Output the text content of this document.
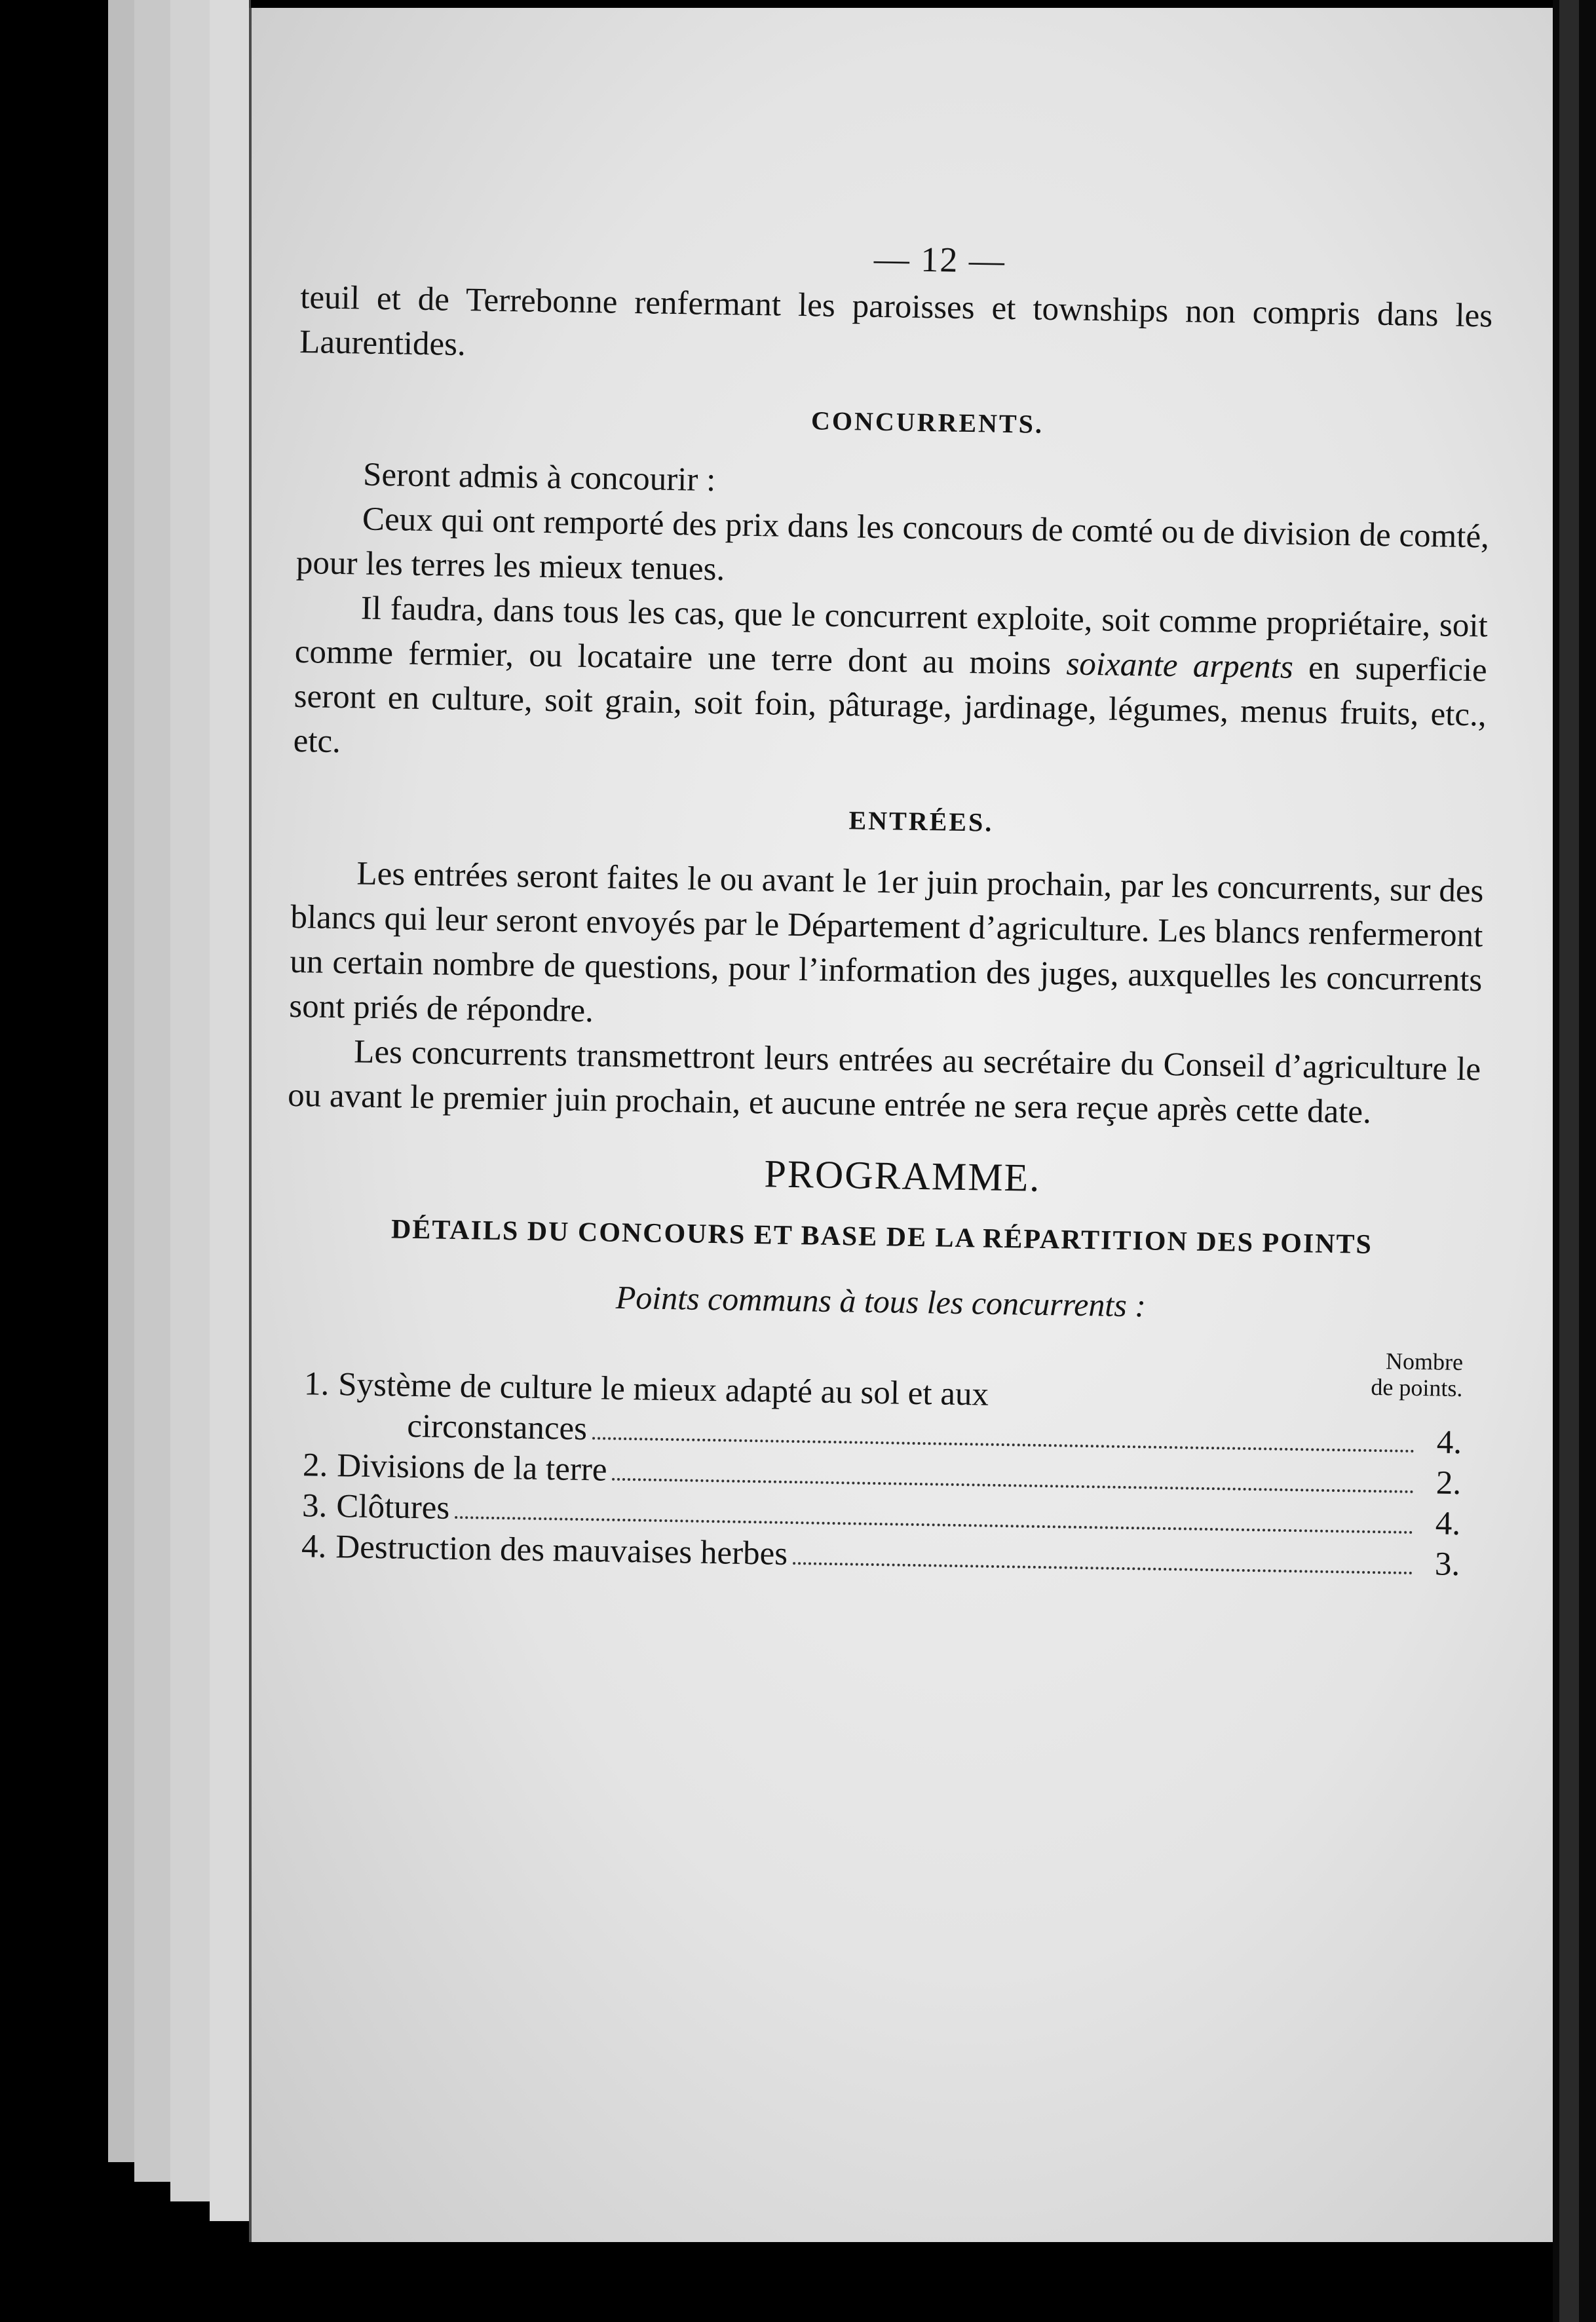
— 12 —

teuil et de Terrebonne renfermant les paroisses et townships non compris dans les Laurentides.

CONCURRENTS.

Seront admis à concourir :

Ceux qui ont remporté des prix dans les concours de comté ou de division de comté, pour les terres les mieux tenues.

Il faudra, dans tous les cas, que le concurrent exploite, soit comme propriétaire, soit comme fermier, ou locataire une terre dont au moins soixante arpents en superficie seront en culture, soit grain, soit foin, pâturage, jardinage, légumes, menus fruits, etc., etc.

ENTRÉES.

Les entrées seront faites le ou avant le 1er juin prochain, par les concurrents, sur des blancs qui leur seront envoyés par le Département d’agriculture. Les blancs renfermeront un certain nombre de questions, pour l’information des juges, auxquelles les concurrents sont priés de répondre.

Les concurrents transmettront leurs entrées au secrétaire du Conseil d’agriculture le ou avant le premier juin prochain, et aucune entrée ne sera reçue après cette date.

PROGRAMME.
DÉTAILS DU CONCOURS ET BASE DE LA RÉPARTITION DES POINTS
Points communs à tous les concurrents :
Nombre
de points.
1. Système de culture le mieux adapté au sol et aux
circonstances	4.
2. Divisions de la terre	2.
3. Clôtures	4.
4. Destruction des mauvaises herbes	3.
